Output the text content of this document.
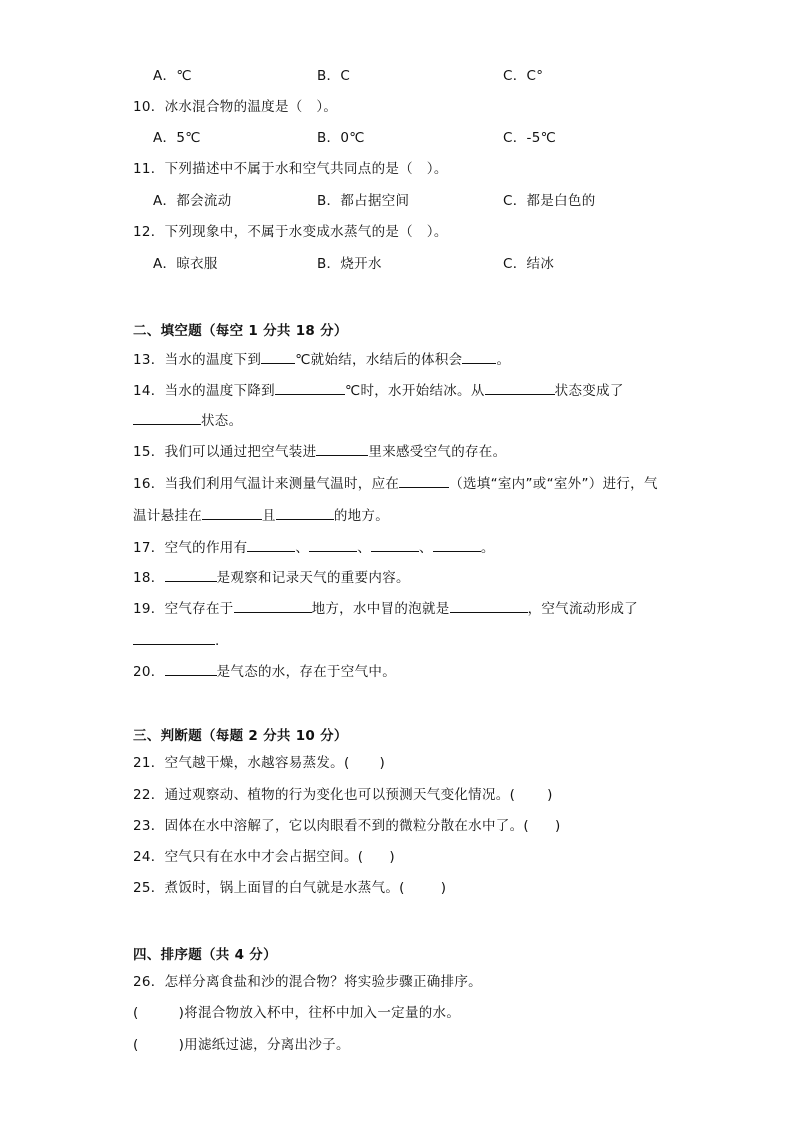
A．℃	B．C	C．C°
10．冰水混合物的温度是（　）。
A．5℃	B．0℃	C．-5℃
11．下列描述中不属于水和空气共同点的是（　）。
A．都会流动	B．都占据空间	C．都是白色的
12．下列现象中，不属于水变成水蒸气的是（　）。
A．晾衣服	B．烧开水	C．结冰
二、填空题（每空 1 分共 18 分）
13．当水的温度下到	℃就始结，水结后的体积会	。
14．当水的温度下降到	℃时，水开始结冰。从	状态变成了
状态。
15．我们可以通过把空气装进	里来感受空气的存在。
16．当我们利用气温计来测量气温时，应在	（选填“室内”或“室外”）进行，气
温计悬挂在	且	的地方。
17．空气的作用有	、	、	、	。
18．	是观察和记录天气的重要内容。
19．空气存在于	地方，水中冒的泡就是	，空气流动形成了
.
20．	是气态的水，存在于空气中。
三、判断题（每题 2 分共 10 分）
21．空气越干燥，水越容易蒸发。( )
22．通过观察动、植物的行为变化也可以预测天气变化情况。( )
23．固体在水中溶解了，它以肉眼看不到的微粒分散在水中了。( )
24．空气只有在水中才会占据空间。( )
25．煮饭时，锅上面冒的白气就是水蒸气。(	)
四、排序题（共 4 分）
26．怎样分离食盐和沙的混合物？将实验步骤正确排序。
(	)将混合物放入杯中，往杯中加入一定量的水。
(	)用滤纸过滤，分离出沙子。
